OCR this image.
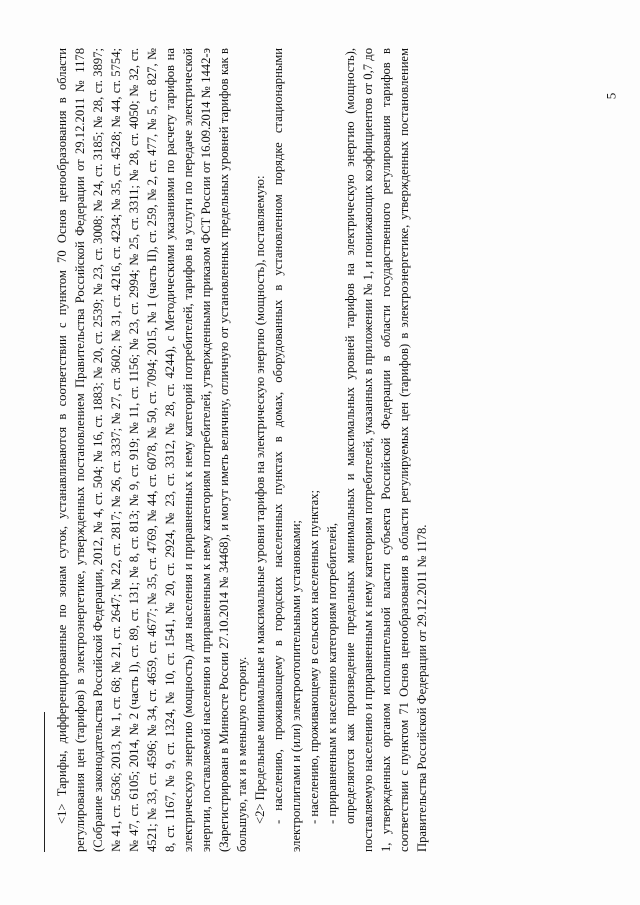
5

<1> Тарифы, дифференцированные по зонам суток, устанавливаются в соответствии с пунктом 70 Основ ценообразования в области регулирования цен (тарифов) в электроэнергетике, утвержденных постановлением Правительства Российской Федерации от 29.12.2011 № 1178 (Собрание законодательства Российской Федерации, 2012, № 4, ст. 504; № 16, ст. 1883; № 20, ст. 2539; № 23, ст. 3008; № 24, ст. 3185; № 28, ст. 3897; № 41, ст. 5636; 2013, № 1, ст. 68; № 21, ст. 2647; № 22, ст. 2817; № 26, ст. 3337; № 27, ст. 3602; № 31, ст. 4216, ст. 4234; № 35, ст. 4528; № 44, ст. 5754; № 47, ст. 6105; 2014, № 2 (часть I), ст. 89, ст. 131; № 8, ст. 813; № 9, ст. 919; № 11, ст. 1156; № 23, ст. 2994; № 25, ст. 3311; № 28, ст. 4050; № 32, ст. 4521; № 33, ст. 4596; № 34, ст. 4659, ст. 4677; № 35, ст. 4769, № 44, ст. 6078, № 50, ст. 7094; 2015, № 1 (часть II), ст. 259, № 2, ст. 477, № 5, ст. 827, № 8, ст. 1167, № 9, ст. 1324, № 10, ст. 1541, № 20, ст. 2924, № 23, ст. 3312, № 28, ст. 4244), с Методическими указаниями по расчету тарифов на электрическую энергию (мощность) для населения и приравненных к нему категорий потребителей, тарифов на услуги по передаче электрической энергии, поставляемой населению и приравненным к нему категориям потребителей, утвержденными приказом ФСТ России от 16.09.2014 № 1442-э (Зарегистрирован в Минюсте России 27.10.2014 № 34468), и могут иметь величину, отличную от установленных предельных уровней тарифов как в большую, так и в меньшую сторону. <2> Предельные минимальные и максимальные уровни тарифов на электрическую энергию (мощность), поставляемую: - населению, проживающему в городских населенных пунктах в домах, оборудованных в установленном порядке стационарными электроплитами и (или) электроотопительными установками; - населению, проживающему в сельских населенных пунктах; - приравненным к населению категориям потребителей, определяются как произведение предельных минимальных и максимальных уровней тарифов на электрическую энергию (мощность), поставляемую населению и приравненным к нему категориям потребителей, указанных в приложении № 1, и понижающих коэффициентов от 0,7 до 1, утвержденных органом исполнительной власти субъекта Российской Федерации в области государственного регулирования тарифов в соответствии с пунктом 71 Основ ценообразования в области регулируемых цен (тарифов) в электроэнергетике, утвержденных постановлением Правительства Российской Федерации от 29.12.2011 № 1178.
